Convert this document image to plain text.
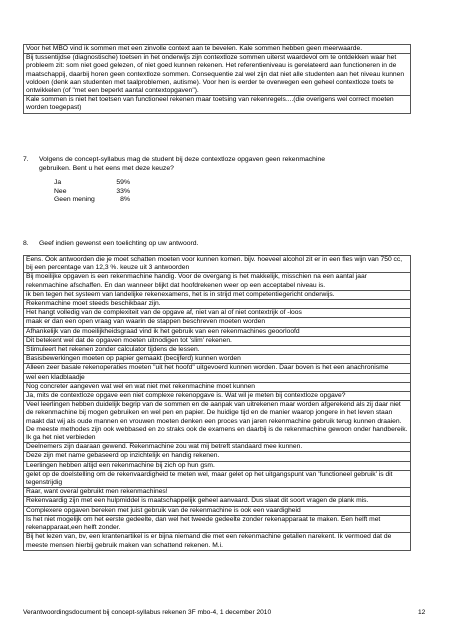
Voor het MBO vind ik sommen met een zinvolle context aan te bevelen. Kale sommen hebben geen meerwaarde.
Bij tussentijdse (diagnostische) toetsen in het onderwijs zijn contextloze sommen uiterst waardevol om te ontdekken waar het probleem zit: som niet goed gelezen, of niet goed kunnen rekenen. Het referentieniveau is gerelateerd aan functioneren in de maatschappij, daarbij horen geen contextloze sommen. Consequentie zal wel zijn dat niet alle studenten aan het niveau kunnen voldoen (denk aan studenten met taalproblemen, autisme). Voor hen is eerder te overwegen een geheel contextloze toets te ontwikkelen (of "met een beperkt aantal contextopgaven").
Kale sommen is niet het toetsen van functioneel rekenen maar toetsing van rekenregels....(die overigens wel correct moeten worden toegepast)
7. Volgens de concept-syllabus mag de student bij deze contextloze opgaven geen rekenmachine
gebruiken. Bent u het eens met deze keuze?
Ja	59%
Nee	33%
Geen mening	8%
8. Geef indien gewenst een toelichting op uw antwoord.
Eens. Ook antwoorden die je moet schatten moeten voor kunnen komen. bijv. hoeveel alcohol zit er in een fles wijn van 750 cc, bij een percentage van 12,3 %. keuze uit 3 antwoorden
Bij moeilijke opgaven is een rekenmachine handig. Voor de overgang is het makkelijk, misschien na een aantal jaar rekenmachine afschaffen. En dan wanneer blijkt dat hoofdrekenen weer op een acceptabel niveau is.
ik ben tegen het systeem van landelijke rekenexamens, het is in strijd met competentiegericht onderwijs.
Rekenmachine moet steeds beschikbaar zijn.
Het hangt volledig van de complexiteit van de opgave af, niet van al of niet contextrijk of -loos
maak er dan een open vraag van waarin de stappen beschreven moeten worden
Afhankelijk van de moeilijkheidsgraad vind ik het gebruik van een rekenmachines geoorloofd
Dit betekent wel dat de opgaven moeten uitnodigen tot 'slim' rekenen.
Stimuleert het rekenen zonder calculator tijdens de lessen.
Basisbewerkingen moeten op papier gemaakt (becijferd) kunnen worden
Alleen zeer basale rekenoperaties moeten "uit het hoofd" uitgevoerd kunnen worden. Daar boven is het een anachronisme
wel een kladblaadje
Nog concreter aangeven wat wel en wat niet met rekenmachine moet kunnen
Ja, mits de contextloze opgave een niet complexe rekenopgave is. Wat wil je meten bij contextloze opgave?
Veel leerlingen hebben duidelijk begrip van de sommen en de aanpak van uitrekenen maar worden afgerekend als zij daar niet de rekenmachine bij mogen gebruiken en wel pen en papier. De huidige tijd en de manier waarop jongere in het leven staan maakt dat wij als oude mannen en vrouwen moeten denken een proces van jaren rekenmachine gebruik terug kunnen draaien. De meeste methodes zijn ook webbased en zo straks ook de examens en daarbij is de rekenmachine gewoon onder handbereik. Ik ga het niet verbieden
Deelnemers zijn daaraan gewend. Rekenmachine zou wat mij betreft standaard mee kunnen.
Deze zijn met name gebaseerd op inzichtelijk en handig rekenen.
Leerlingen hebben altijd een rekenmachine bij zich op hun gsm.
gelet op de doelstelling om de rekenvaardigheid te meten wel, maar gelet op het uitgangspunt van 'functioneel gebruik' is dit tegenstrijdig
Raar, want overal gebruikt men rekenmachines!
Rekenvaardig zijn met een hulpmiddel is maatschappelijk geheel aanvaard. Dus slaat dit soort vragen de plank mis.
Complexere opgaven bereken met juist gebruik van de rekenmachine is ook een vaardigheid
Is het niet mogelijk om het eerste gedeelte, dan wel het tweede gedeelte zonder rekenapparaat te maken. Een helft met rekenapparaat,een helft zonder.
Bij het lezen van, bv, een krantenartikel is er bijna niemand die met een rekenmachine getallen narekent. Ik vermoed dat de meeste mensen hierbij gebruik maken van schattend rekenen. M.i.
Verantwoordingsdocument bij concept-syllabus rekenen 3F mbo-4, 1 december 2010	12
